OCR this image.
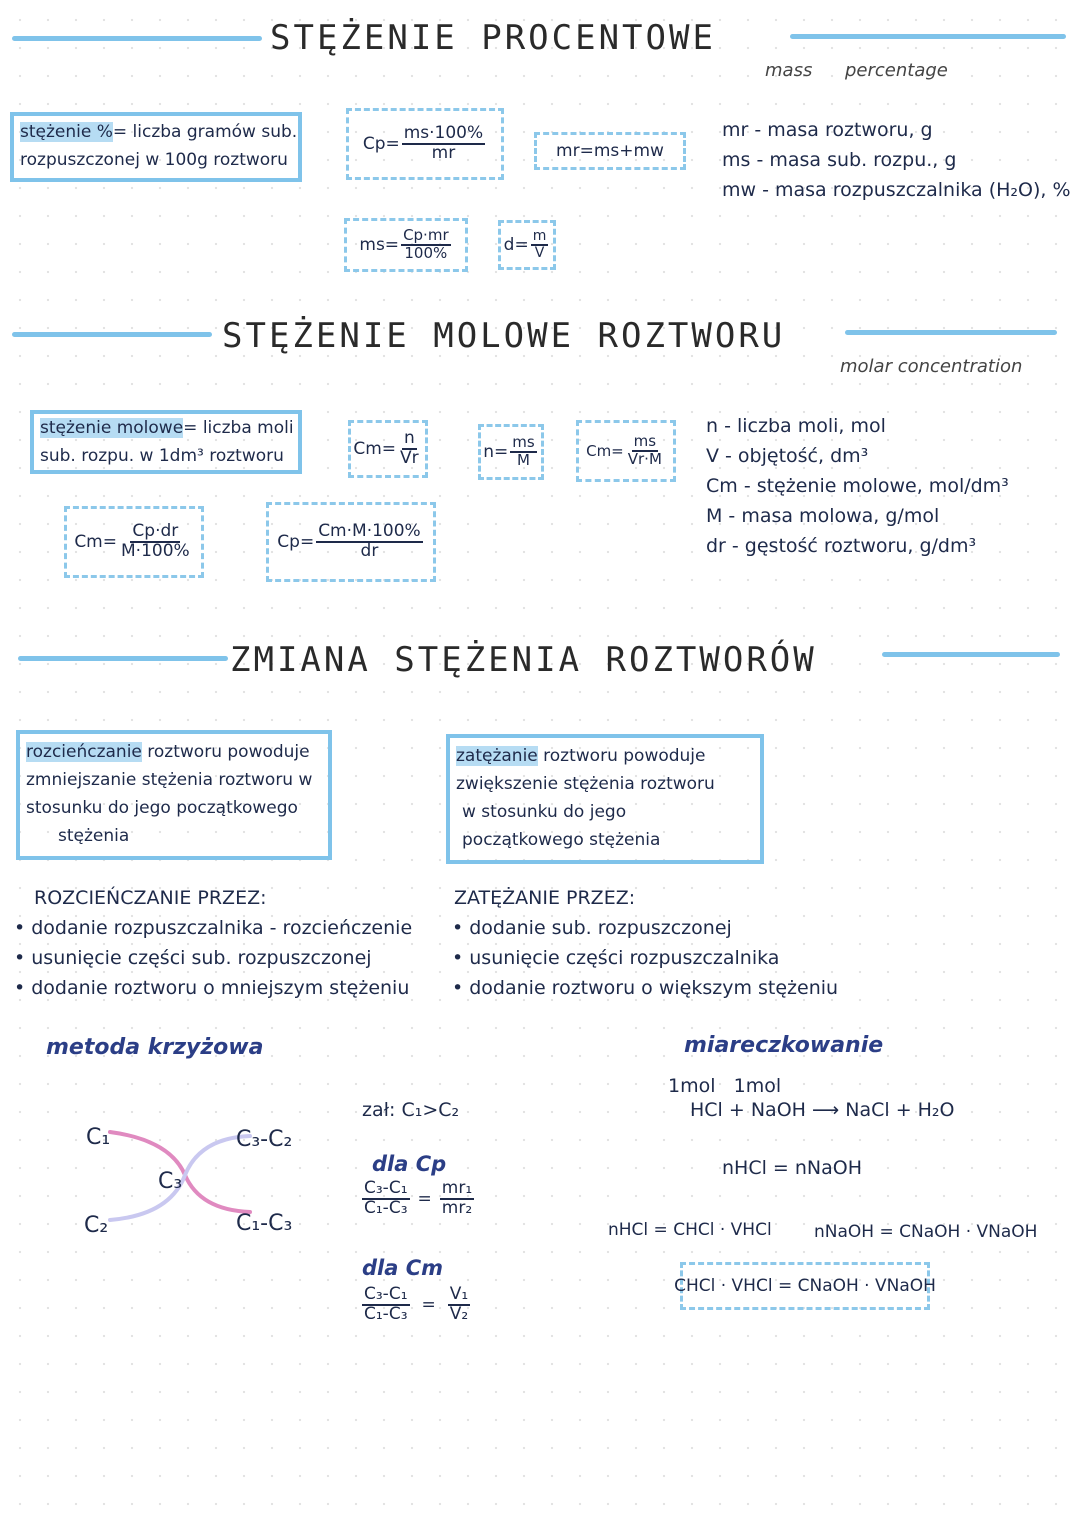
STĘŻENIE PROCENTOWE
mass percentage
stężenie %= liczba gramów sub.
rozpuszczonej w 100g roztworu
$Cp= \frac{ms\cdot 100\%}{mr}$	mr=ms+mw
$ms= \frac{Cp\cdot mr}{100\%}$	$d= \frac{m}{V}$
mr - masa roztworu, g
ms - masa sub. rozpu., g
mw - masa rozpuszczalnika (H₂O), %
STĘŻENIE MOLOWE ROZTWORU
molar concentration
stężenie molowe= liczba moli
sub. rozpu. w 1dm³ roztworu	$Cm= \frac{n}{Vr}$	$n= \frac{ms}{M}$	$Cm= \frac{ms}{Vr\cdot M}$
$Cm= \frac{Cp\cdot dr}{M\cdot 100\%}$	$Cp= \frac{Cm\cdot M\cdot 100\%}{dr}$
n - liczba moli, mol
V - objętość, dm³
Cm - stężenie molowe, mol/dm³
M - masa molowa, g/mol
dr - gęstość roztworu, g/dm³
ZMIANA STĘŻENIA ROZTWORÓW
rozcieńczanie roztworu powoduje
zmniejszanie stężenia roztworu w
stosunku do jego początkowego
stężenia
zatężanie roztworu powoduje
zwiększenie stężenia roztworu
w stosunku do jego
początkowego stężenia
ROZCIEŃCZANIE PRZEZ:
• dodanie rozpuszczalnika - rozcieńczenie
• usunięcie części sub. rozpuszczonej
• dodanie roztworu o mniejszym stężeniu
ZATĘŻANIE PRZEZ:
• dodanie sub. rozpuszczonej
• usunięcie części rozpuszczalnika
• dodanie roztworu o większym stężeniu
metoda krzyżowa
C₁
C₂
C₃
C₃-C₂
C₁-C₃
zał: C₁>C₂
dla Cp
$\frac{\text{C₃-C₁}}{\text{C₁-C₃}} = \frac{\text{mr₁}}{\text{mr₂}}$
dla Cm
$\frac{\text{C₃-C₁}}{\text{C₁-C₃}} = \frac{\text{V₁}}{\text{V₂}}$
miareczkowanie
1mol   1mol
HCl + NaOH ⟶ NaCl + H₂O
nHCl = nNaOH
nHCl = CHCl · VHCl nNaOH = CNaOH · VNaOH
CHCl · VHCl = CNaOH · VNaOH
